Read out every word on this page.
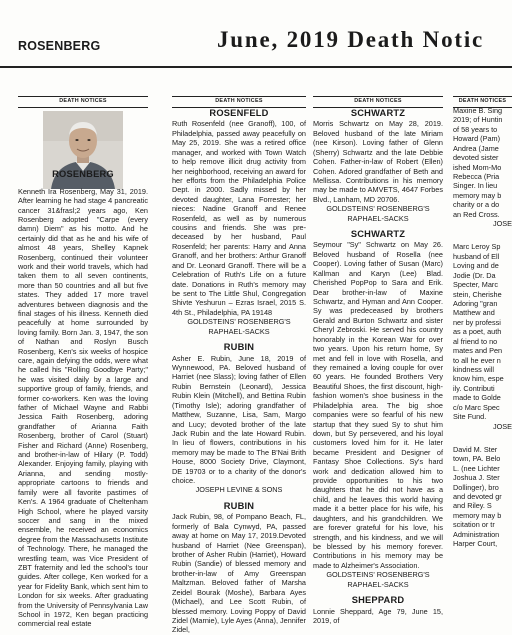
ROSENBERG	June, 2019 Death Notic
DEATH NOTICES	DEATH NOTICES	DEATH NOTICES	DEATH NOTICES
ROSENBERG

Kenneth Ira Rosenberg, May 31, 2019. After learning he had stage 4 pancreatic cancer 31&frasl;2 years ago, Ken Rosenberg adopted "Carpe (every damn) Diem" as his motto. And he certainly did that as he and his wife of almost 48 years, Shelley Kapnek Rosenberg, continued their volunteer work and their world travels, which had taken them to all seven continents, more than 50 countries and all but five states. They added 17 more travel adventures between diagnosis and the final stages of his illness. Kenneth died peacefully at home surrounded by loving family. Born Jan. 3, 1947, the son of Nathan and Roslyn Busch Rosenberg, Ken's six weeks of hospice care, again defying the odds, were what he called his "Rolling Goodbye Party;" he was visited daily by a large and supportive group of family, friends, and former co-workers. Ken was the loving father of Michael Wayne and Rabbi Jessica Faith Rosenberg, adoring grandfather of Arianna Faith Rosenberg, brother of Carol (Stuart) Fisher and Richard (Anne) Rosenberg, and brother-in-law of Hilary (P. Todd) Alexander. Enjoying family, playing with Arianna, and sending mostly-appropriate cartoons to friends and family were all favorite pastimes of Ken's. A 1964 graduate of Cheltenham High School, where he played varsity soccer and sang in the mixed ensemble, he received an economics degree from the Massachusetts Institute of Technology. There, he managed the wrestling team, was Vice President of ZBT fraternity and led the school's tour guides. After college, Ken worked for a year for Fidelity Bank, which sent him to London for six weeks. After graduating from the University of Pennsylvania Law School in 1972, Ken began practicing commercial real estate

ROSENFELD

Ruth Rosenfeld (nee Granoff), 100, of Philadelphia, passed away peacefully on May 25, 2019. She was a retired office manager, and worked with Town Watch to help remove illicit drug activity from her neighborhood, receiving an award for her efforts from the Philadelphia Police Dept. in 2000. Sadly missed by her devoted daughter, Lana Forrester; her nieces: Nadine Granoff and Renee Rosenfeld, as well as by numerous cousins and friends. She was pre-deceased by her husband, Paul Rosenfeld; her parents: Harry and Anna Granoff, and her brothers: Arthur Granoff and Dr. Leonard Granoff. There will be a Celebration of Ruth's Life on a future date. Donations in Ruth's memory may be sent to The Little Shul, Congregation Shivte Yeshurun – Ezras Israel, 2015 S. 4th St., Philadelphia, PA 19148

GOLDSTEINS' ROSENBERG'S
RAPHAEL-SACKS
RUBIN

Asher E. Rubin, June 18, 2019 of Wynnewood, PA. Beloved husband of Harriet (nee Slass); loving father of Ellen Rubin Bernstein (Leonard), Jessica Rubin Klein (Mitchell), and Bettina Rubin (Timothy Isle); adoring grandfather of Matthew, Suzanne, Lisa, Sam, Margo and Lucy; devoted brother of the late Jack Rubin and the late Howard Rubin. In lieu of flowers, contributions in his memory may be made to The B'Nai Brith House, 8000 Society Drive, Claymont, DE 19703 or to a charity of the donor's choice.

JOSEPH LEVINE & SONS
RUBIN

Jack Rubin, 98, of Pompano Beach, FL, formerly of Bala Cynwyd, PA, passed away at home on May 17, 2019.Devoted husband of Harriet (Nee Greenspan), brother of Asher Rubin (Harriet), Howard Rubin (Sandie) of blessed memory and brother-in-law of Amy Greenspan Maltzman. Beloved father of Marsha Zeidel Bourak (Moshe), Barbara Ayes (Michael), and Lee Scott Rubin, of blessed memory. Loving Poppy of David Zidel (Marnie), Lyle Ayes (Anna), Jennifer Zidel,

SCHWARTZ

Morris Schwartz on May 28, 2019. Beloved husband of the late Miriam (nee Kirson). Loving father of Glenn (Sherry) Schwartz and the late Debbie Cohen. Father-in-law of Robert (Ellen) Cohen. Adored grandfather of Beth and Mellissa. Contributions in his memory may be made to AMVETS, 4647 Forbes Blvd., Lanham, MD 20706.

GOLDSTEINS' ROSENBERG'S
RAPHAEL-SACKS
SCHWARTZ

Seymour "Sy" Schwartz on May 26. Beloved husband of Rosella (nee Cooper). Loving father of Susan (Marc) Kallman and Karyn (Lee) Blad. Cherished PopPop to Sara and Erik. Dear brother-in-law of Maxine Schwartz, and Hyman and Ann Cooper. Sy was predeceased by brothers Gerald and Burton Schwartz and sister Cheryl Zebroski. He served his country honorably in the Korean War for over two years. Upon his return home, Sy met and fell in love with Rosella, and they remained a loving couple for over 60 years. He founded Brothers Very Beautiful Shoes, the first discount, high-fashion women's shoe business in the Philadelphia area. The big shoe companies were so fearful of his new startup that they sued Sy to shut him down, but Sy persevered, and his loyal customers loved him for it. He later became President and Designer of Fantasy Shoe Collections. Sy's hard work and dedication allowed him to provide opportunities to his two daughters that he did not have as a child, and he leaves this world having made it a better place for his wife, his daughters, and his grandchildren. We are forever grateful for his love, his strength, and his kindness, and we will be blessed by his memory forever. Contributions in his memory may be made to Alzheimer's Association.

GOLDSTEINS' ROSENBERG'S
RAPHAEL-SACKS
SHEPPARD

Lonnie Sheppard, Age 79, June 15, 2019, of

Maxine B. Sing
2019; of Huntin
of 58 years to
Howard (Pam)
Andrea (Jame
devoted sister
ished Mom-Mo
Rebecca (Pria
Singer. In lieu
memory may b
charity or a do
an Red Cross.
JOSE
Marc Leroy Sp
husband of Ell
Loving and de
Jodie (Dr. Da
Specter, Marc
stein, Cherishe
Adoring "gran
Matthew and
ner by professi
as a poet, auth
al friend to no
mates and Pen
to all he ever n
kindness will
know him, espe
ily. Contributi
made to Golde
c/o Marc Spec
Site Fund.
JOSE
David M. Ster
town, PA. Belo
L. (nee Lichter
Joshua J. Ster
Dollinger), bro
and devoted gr
and Riley. S
memory may b
scitation or tr
Administration
Harper Court,
